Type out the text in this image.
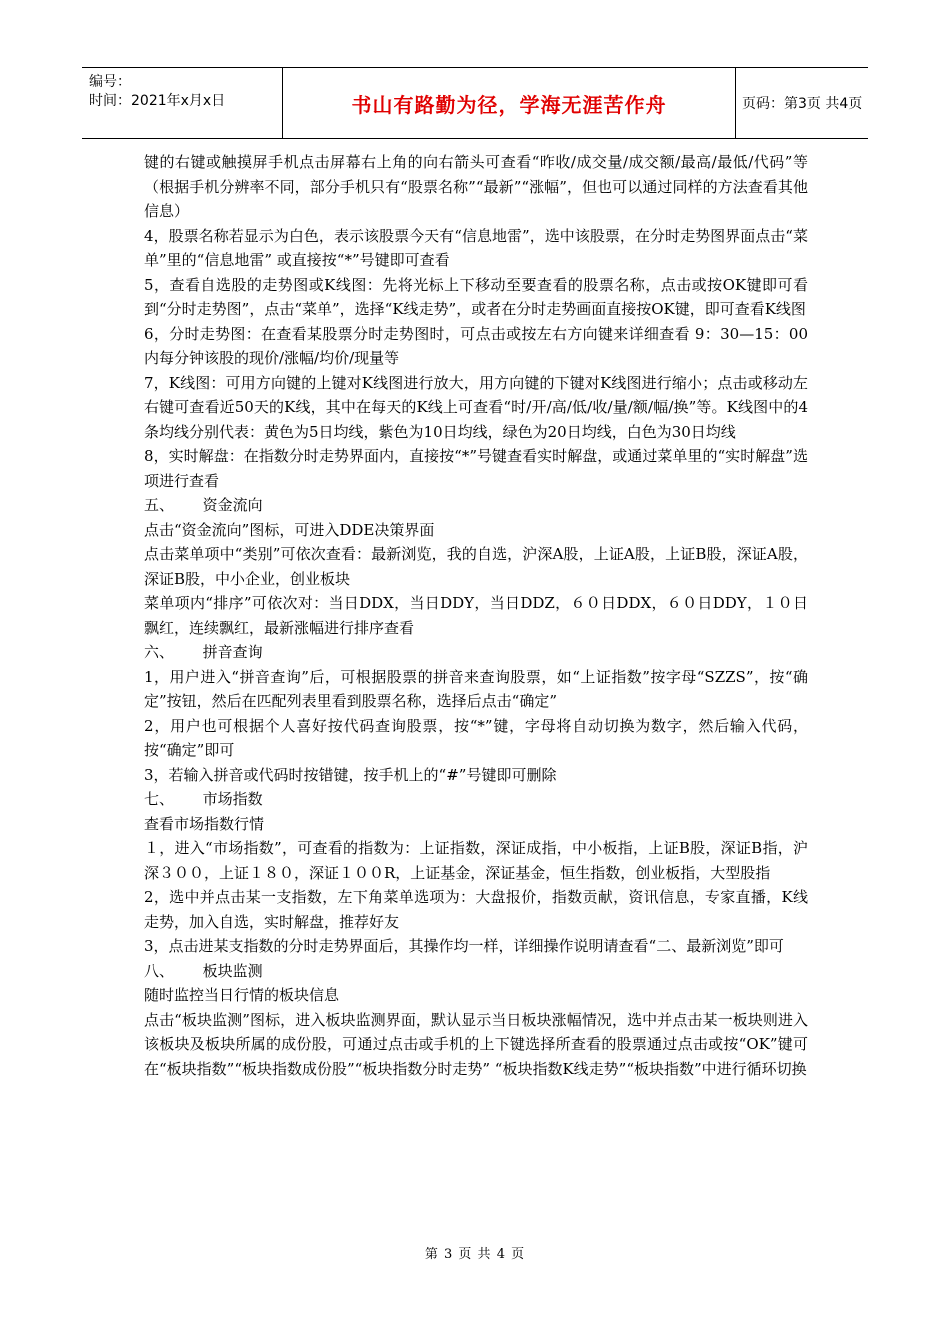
编号：
时间：2021年x月x日	书山有路勤为径，学海无涯苦作舟	页码：第3页 共4页

键的右键或触摸屏手机点击屏幕右上角的向右箭头可查看“昨收/成交量/成交额/最高/最低/代码”等（根据手机分辨率不同，部分手机只有“股票名称”“最新”“涨幅”，但也可以通过同样的方法查看其他信息）

4，股票名称若显示为白色，表示该股票今天有“信息地雷”，选中该股票，在分时走势图界面点击“菜单”里的“信息地雷” 或直接按“*”号键即可查看

5，查看自选股的走势图或K线图：先将光标上下移动至要查看的股票名称，点击或按OK键即可看到“分时走势图”，点击“菜单”，选择“K线走势”，或者在分时走势画面直接按OK键，即可查看K线图

6，分时走势图：在查看某股票分时走势图时，可点击或按左右方向键来详细查看 9：30—15：00内每分钟该股的现价/涨幅/均价/现量等

7，K线图：可用方向键的上键对K线图进行放大，用方向键的下键对K线图进行缩小；点击或移动左右键可查看近50天的K线，其中在每天的K线上可查看“时/开/高/低/收/量/额/幅/换”等。K线图中的4条均线分别代表：黄色为5日均线，紫色为10日均线，绿色为20日均线，白色为30日均线

8，实时解盘：在指数分时走势界面内，直接按“*”号键查看实时解盘，或通过菜单里的“实时解盘”选项进行查看

五、      资金流向

点击“资金流向”图标，可进入DDE决策界面

点击菜单项中“类别”可依次查看：最新浏览，我的自选，沪深A股，上证A股，上证B股，深证A股，深证B股，中小企业，创业板块

菜单项内“排序”可依次对：当日DDX，当日DDY，当日DDZ，６０日DDX，６０日DDY，１０日飘红，连续飘红，最新涨幅进行排序查看

六、      拼音查询

1，用户进入“拼音查询”后，可根据股票的拼音来查询股票，如“上证指数”按字母“SZZS”，按“确定”按钮，然后在匹配列表里看到股票名称，选择后点击“确定”

2，用户也可根据个人喜好按代码查询股票，按“*”键，字母将自动切换为数字，然后输入代码，按“确定”即可

3，若输入拼音或代码时按错键，按手机上的“#”号键即可删除

七、      市场指数

查看市场指数行情

１，进入“市场指数”，可查看的指数为：上证指数，深证成指，中小板指，上证B股，深证B指，沪深３００，上证１８０，深证１００R，上证基金，深证基金，恒生指数，创业板指，大型股指

2，选中并点击某一支指数，左下角菜单选项为：大盘报价，指数贡献，资讯信息，专家直播，K线走势，加入自选，实时解盘，推荐好友

3，点击进某支指数的分时走势界面后，其操作均一样，详细操作说明请查看“二、最新浏览”即可

八、      板块监测

随时监控当日行情的板块信息

点击“板块监测”图标，进入板块监测界面，默认显示当日板块涨幅情况，选中并点击某一板块则进入该板块及板块所属的成份股，可通过点击或手机的上下键选择所查看的股票通过点击或按“OK”键可在“板块指数”“板块指数成份股”“板块指数分时走势” “板块指数K线走势”“板块指数”中进行循环切换

第 3 页 共 4 页
